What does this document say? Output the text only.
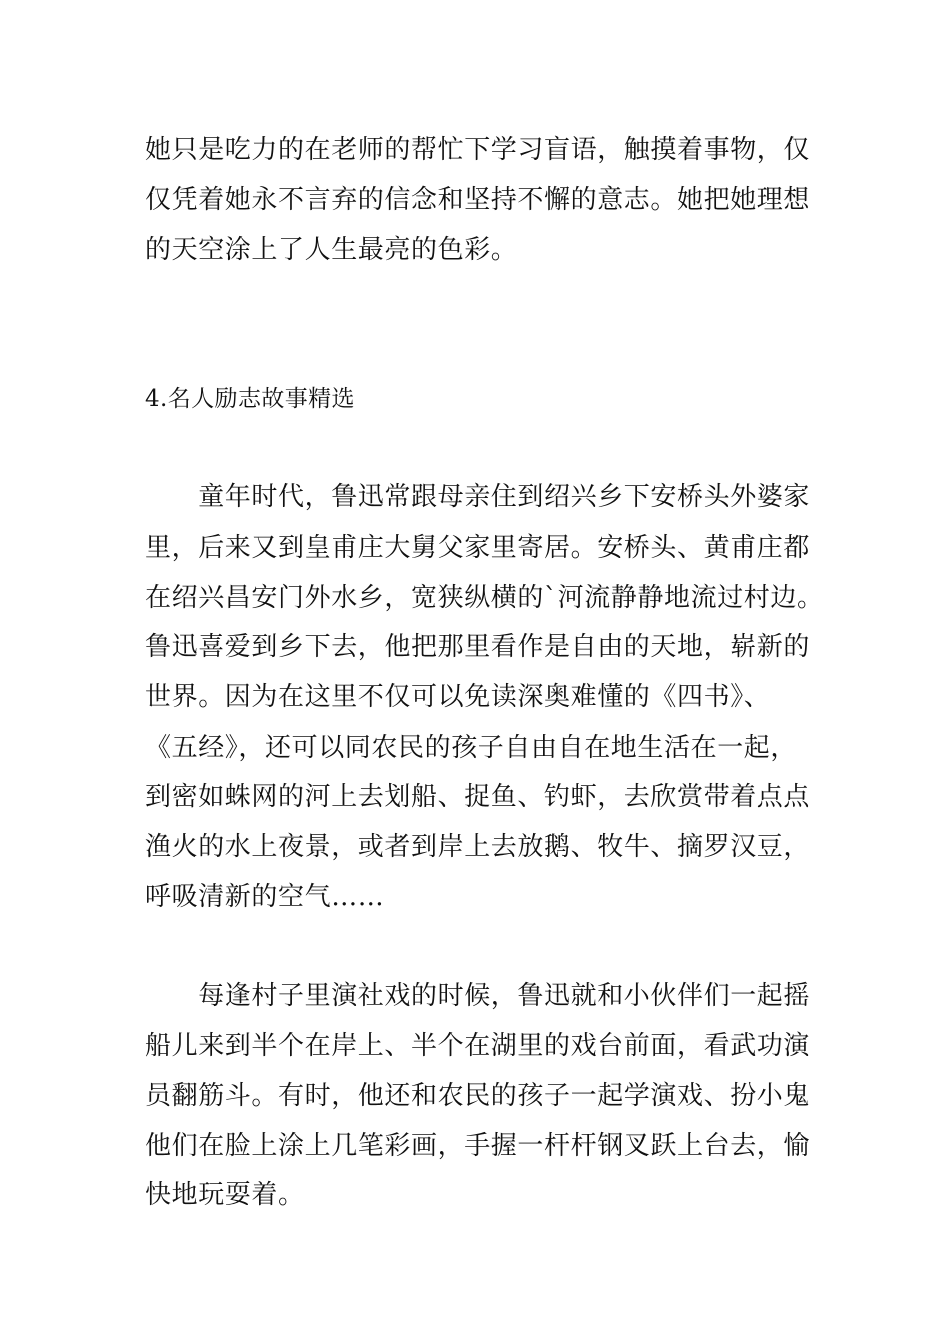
她只是吃力的在老师的帮忙下学习盲语，触摸着事物，仅
仅凭着她永不言弃的信念和坚持不懈的意志。她把她理想
的天空涂上了人生最亮的色彩。
4.名人励志故事精选
　　童年时代，鲁迅常跟母亲住到绍兴乡下安桥头外婆家
里，后来又到皇甫庄大舅父家里寄居。安桥头、黄甫庄都
在绍兴昌安门外水乡，宽狭纵横的`河流静静地流过村边。
鲁迅喜爱到乡下去，他把那里看作是自由的天地，崭新的
世界。因为在这里不仅可以免读深奥难懂的《四书》、
《五经》，还可以同农民的孩子自由自在地生活在一起，
到密如蛛网的河上去划船、捉鱼、钓虾，去欣赏带着点点
渔火的水上夜景，或者到岸上去放鹅、牧牛、摘罗汉豆，
呼吸清新的空气……
　　每逢村子里演社戏的时候，鲁迅就和小伙伴们一起摇
船儿来到半个在岸上、半个在湖里的戏台前面，看武功演
员翻筋斗。有时，他还和农民的孩子一起学演戏、扮小鬼
他们在脸上涂上几笔彩画，手握一杆杆钢叉跃上台去，愉
快地玩耍着。
